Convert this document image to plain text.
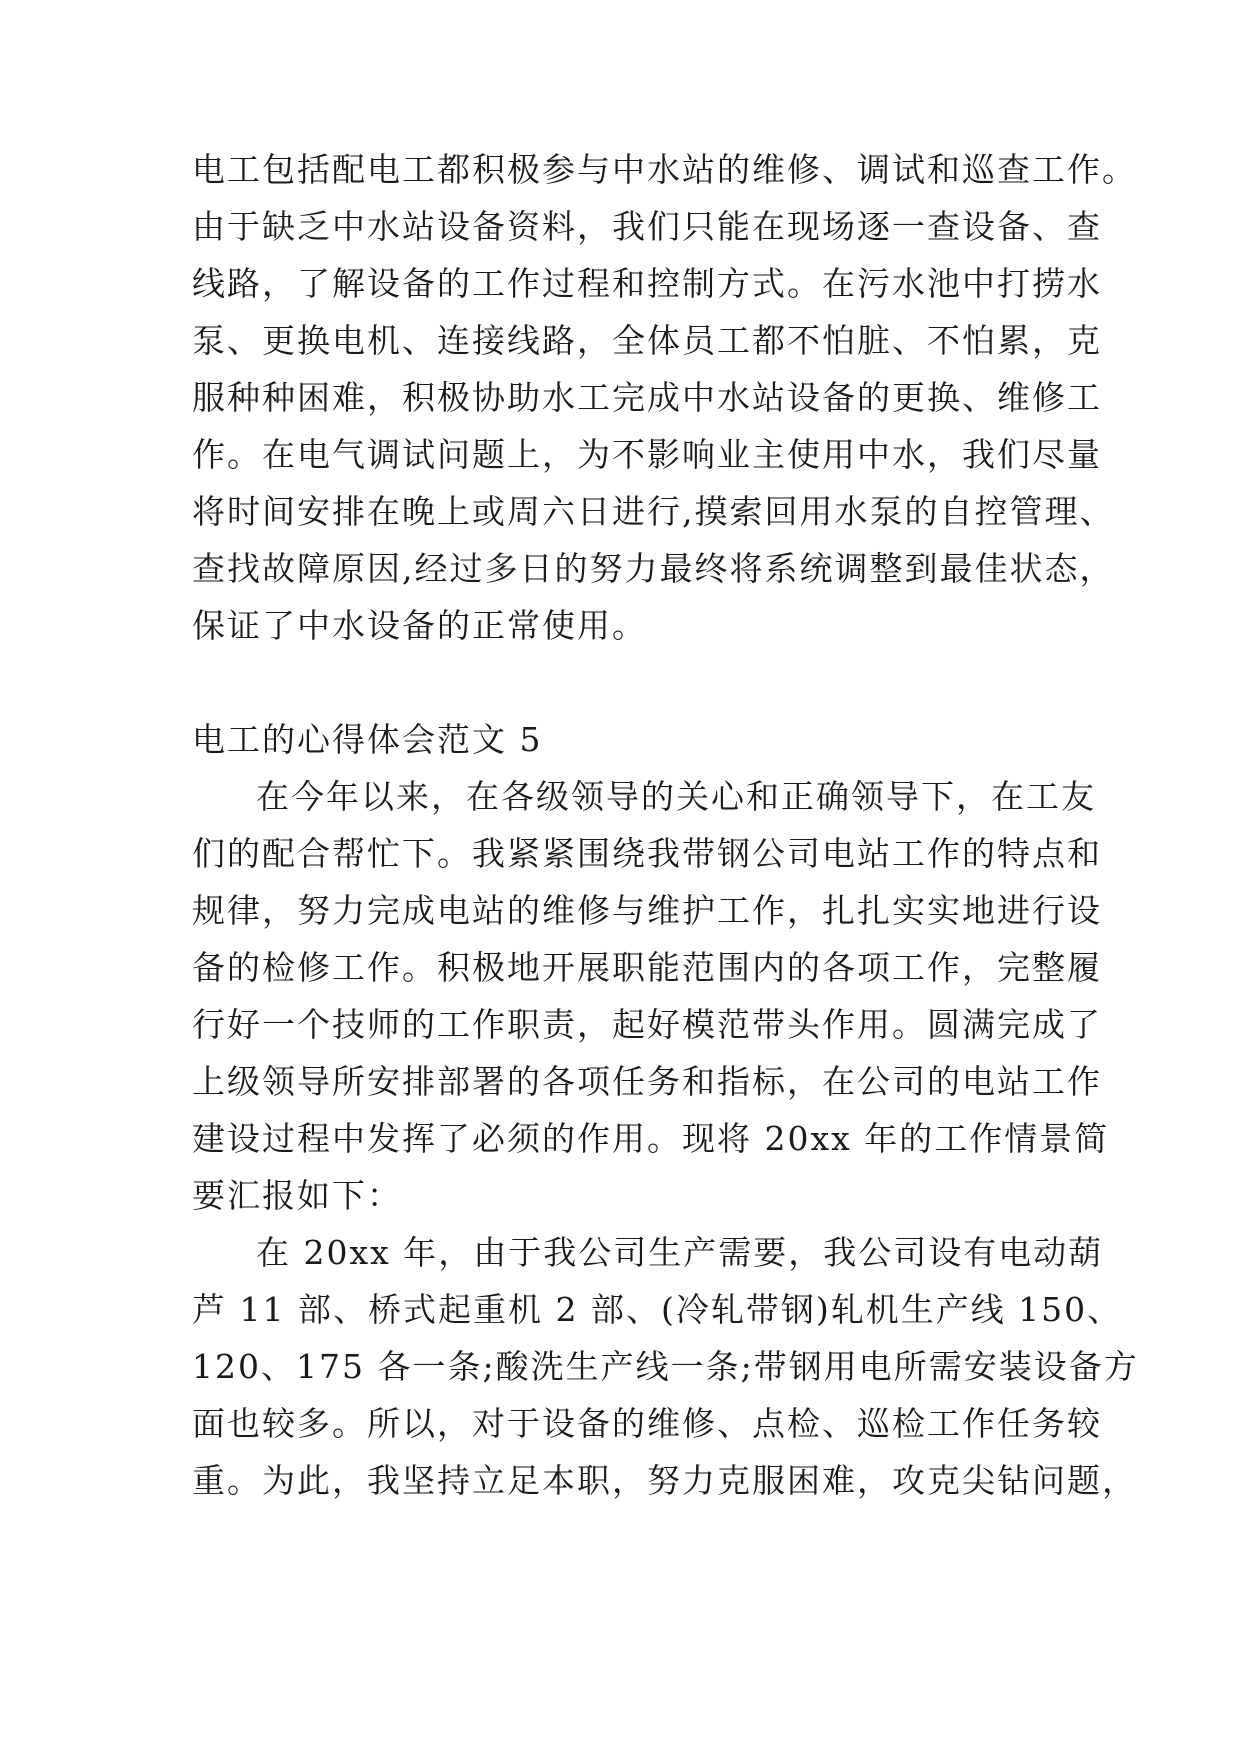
电工包括配电工都积极参与中水站的维修、调试和巡查工作。
由于缺乏中水站设备资料，我们只能在现场逐一查设备、查
线路，了解设备的工作过程和控制方式。在污水池中打捞水
泵、更换电机、连接线路，全体员工都不怕脏、不怕累，克
服种种困难，积极协助水工完成中水站设备的更换、维修工
作。在电气调试问题上，为不影响业主使用中水，我们尽量
将时间安排在晚上或周六日进行,摸索回用水泵的自控管理、
查找故障原因,经过多日的努力最终将系统调整到最佳状态，
保证了中水设备的正常使用。
电工的心得体会范文 5
在今年以来，在各级领导的关心和正确领导下，在工友
们的配合帮忙下。我紧紧围绕我带钢公司电站工作的特点和
规律，努力完成电站的维修与维护工作，扎扎实实地进行设
备的检修工作。积极地开展职能范围内的各项工作，完整履
行好一个技师的工作职责，起好模范带头作用。圆满完成了
上级领导所安排部署的各项任务和指标，在公司的电站工作
建设过程中发挥了必须的作用。现将 20xx 年的工作情景简
要汇报如下：
在 20xx 年，由于我公司生产需要，我公司设有电动葫
芦 11 部、桥式起重机 2 部、(冷轧带钢)轧机生产线 150、
120、175 各一条;酸洗生产线一条;带钢用电所需安装设备方
面也较多。所以，对于设备的维修、点检、巡检工作任务较
重。为此，我坚持立足本职，努力克服困难，攻克尖钻问题，
